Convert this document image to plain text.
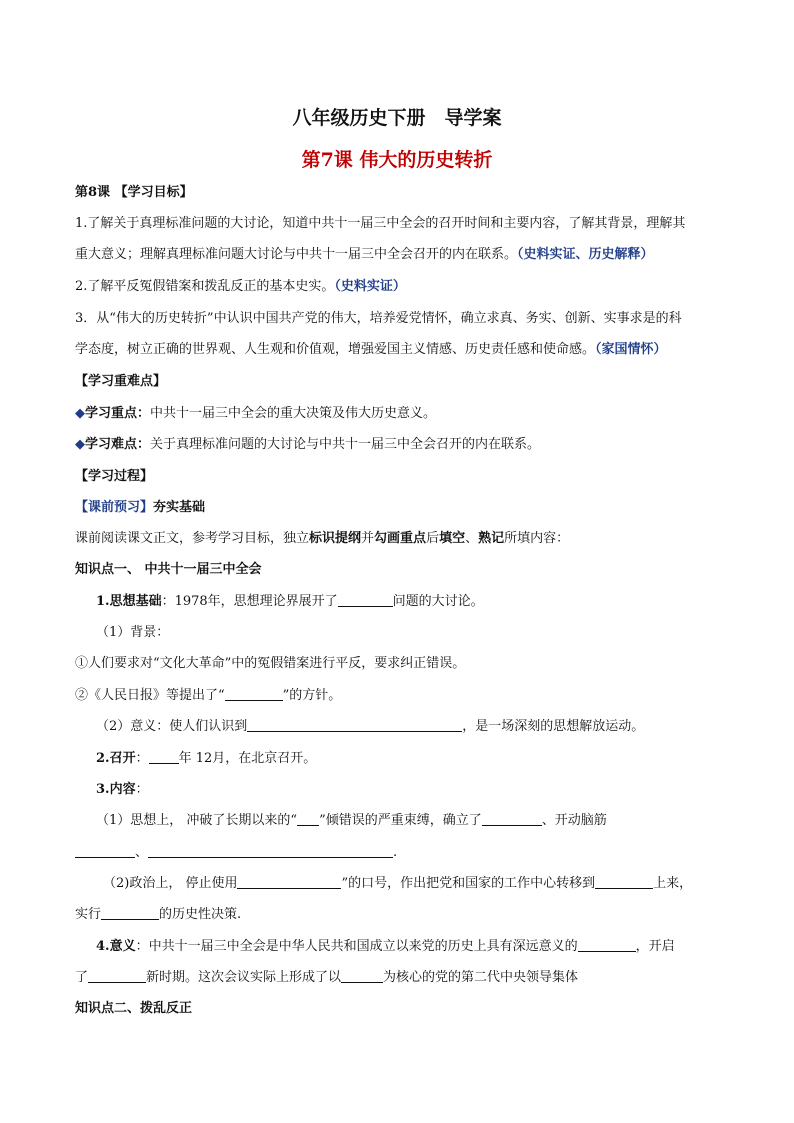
八年级历史下册　导学案
第7课 伟大的历史转折
第8课 【学习目标】
1.了解关于真理标准问题的大讨论，知道中共十一届三中全会的召开时间和主要内容，了解其背景，理解其
重大意义；理解真理标准问题大讨论与中共十一届三中全会召开的内在联系。（史料实证、历史解释）
2.了解平反冤假错案和拨乱反正的基本史实。（史料实证）
3．从“伟大的历史转折”中认识中国共产党的伟大，培养爱党情怀，确立求真、务实、创新、实事求是的科
学态度，树立正确的世界观、人生观和价值观，增强爱国主义情感、历史责任感和使命感。（家国情怀）
【学习重难点】
◆学习重点：中共十一届三中全会的重大决策及伟大历史意义。
◆学习难点：关于真理标准问题的大讨论与中共十一届三中全会召开的内在联系。
【学习过程】
【课前预习】夯实基础
课前阅读课文正文，参考学习目标，独立标识提纲并勾画重点后填空、熟记所填内容：
知识点一、 中共十一届三中全会
1.思想基础：1978年，思想理论界展开了	问题的大讨论。
（1）背景：
①人们要求对“文化大革命”中的冤假错案进行平反，要求纠正错误。
②《人民日报》等提出了“	”的方针。
（2）意义：使人们认识到	，是一场深刻的思想解放运动。
2.召开： 年 12月，在北京召开。
3.内容：
（1）思想上， 冲破了长期以来的“ ”倾错误的严重束缚，确立了	、开动脑筋
、	.
（2)政治上， 停止使用	”的口号，作出把党和国家的工作中心转移到	上来，
实行	的历史性决策.
4.意义：中共十一届三中全会是中华人民共和国成立以来党的历史上具有深远意义的	，开启
了	新时期。这次会议实际上形成了以	为核心的党的第二代中央领导集体
知识点二、拨乱反正
